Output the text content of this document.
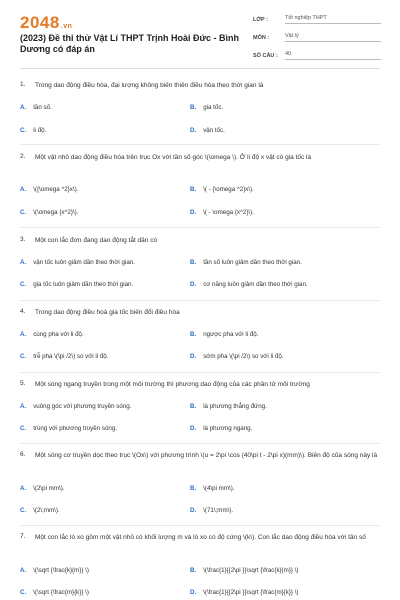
2048.vn
(2023) Đề thi thử Vật Lí THPT Trịnh Hoài Đức - Bình Dương có đáp án
LỚP :	Tốt nghiệp THPT
MÔN :	Vật lý
SỐ CÂU :	40
1. Trong dao động điều hòa, đại lượng không biến thiên điều hòa theo thời gian là
A. tần số.	B. gia tốc.
C. li độ.	D. vận tốc.
2. Một vật nhỏ dao động điều hòa trên trục Ox với tần số góc \(\omega \). Ở li độ x vật có gia tốc là
A. \({\omega ^2}x\).	B. \( - {\omega ^2}x\).
C. \(\omega {x^2}\).	D. \( - \omega {x^2}\).
3. Một con lắc đơn đang dao động tắt dần có
A. vận tốc luôn giảm dần theo thời gian.	B. tần số luôn giảm dần theo thời gian.
C. gia tốc luôn giảm dần theo thời gian.	D. cơ năng luôn giảm dần theo thời gian.
4. Trong dao động điều hoà gia tốc biến đổi điều hòa
A. cùng pha với li độ.	B. ngược pha với li độ.
C. trễ pha \(\pi /2\) so với li độ.	D. sớm pha \(\pi /2\) so với li độ.
5. Một sóng ngang truyền trong một môi trường thì phương dao động của các phần tử môi trường
A. vuông góc với phương truyền sóng.	B. là phương thẳng đứng.
C. trùng với phương truyền sóng.	D. là phương ngang.
6. Một sóng cơ truyền dọc theo trục \(Ox\) với phương trình \(u = 2\pi \cos (40\pi t - 2\pi x)(mm)\). Biên độ của sóng này là
A. \(2\pi mm\).	B. \(4\pi mm\).
C. \(2\;mm\).	D. \(71\;mm\).
7. Một con lắc lò xo gồm một vật nhỏ có khối lượng m và lò xo có độ cứng \(k\). Con lắc dao động điều hòa với tần số
A. \(\sqrt {\frac{k}{m}} \)	B. \(\frac{1}{{2\pi }}\sqrt {\frac{k}{m}} \)
C. \(\sqrt {\frac{m}{k}} \)	D. \(\frac{1}{{2\pi }}\sqrt {\frac{m}{k}} \)
